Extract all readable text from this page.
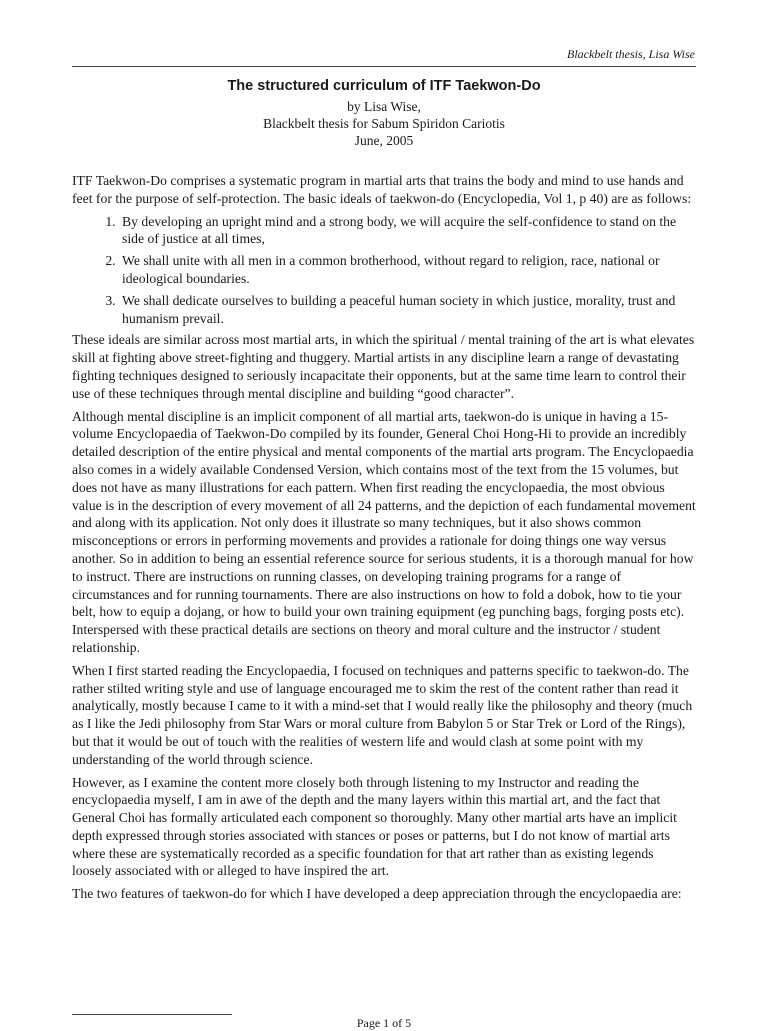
Blackbelt thesis, Lisa Wise
The structured curriculum of ITF Taekwon-Do
by Lisa Wise,
Blackbelt thesis for Sabum Spiridon Cariotis
June, 2005

ITF Taekwon-Do comprises a systematic program in martial arts that trains the body and mind to use hands and feet for the purpose of self-protection. The basic ideals of taekwon-do (Encyclopedia, Vol 1, p 40) are as follows:

1. By developing an upright mind and a strong body, we will acquire the self-confidence to stand on the side of justice at all times,
2. We shall unite with all men in a common brotherhood, without regard to religion, race, national or ideological boundaries.
3. We shall dedicate ourselves to building a peaceful human society in which justice, morality, trust and humanism prevail.

These ideals are similar across most martial arts, in which the spiritual / mental training of the art is what elevates skill at fighting above street-fighting and thuggery. Martial artists in any discipline learn a range of devastating fighting techniques designed to seriously incapacitate their opponents, but at the same time learn to control their use of these techniques through mental discipline and building “good character”.

Although mental discipline is an implicit component of all martial arts, taekwon-do is unique in having a 15-volume Encyclopaedia of Taekwon-Do compiled by its founder, General Choi Hong-Hi to provide an incredibly detailed description of the entire physical and mental components of the martial arts program. The Encyclopaedia also comes in a widely available Condensed Version, which contains most of the text from the 15 volumes, but does not have as many illustrations for each pattern. When first reading the encyclopaedia, the most obvious value is in the description of every movement of all 24 patterns, and the depiction of each fundamental movement and along with its application. Not only does it illustrate so many techniques, but it also shows common misconceptions or errors in performing movements and provides a rationale for doing things one way versus another. So in addition to being an essential reference source for serious students, it is a thorough manual for how to instruct. There are instructions on running classes, on developing training programs for a range of circumstances and for running tournaments. There are also instructions on how to fold a dobok, how to tie your belt, how to equip a dojang, or how to build your own training equipment (eg punching bags, forging posts etc). Interspersed with these practical details are sections on theory and moral culture and the instructor / student relationship.

When I first started reading the Encyclopaedia, I focused on techniques and patterns specific to taekwon-do. The rather stilted writing style and use of language encouraged me to skim the rest of the content rather than read it analytically, mostly because I came to it with a mind-set that I would really like the philosophy and theory (much as I like the Jedi philosophy from Star Wars or moral culture from Babylon 5 or Star Trek or Lord of the Rings), but that it would be out of touch with the realities of western life and would clash at some point with my understanding of the world through science.

However, as I examine the content more closely both through listening to my Instructor and reading the encyclopaedia myself, I am in awe of the depth and the many layers within this martial art, and the fact that General Choi has formally articulated each component so thoroughly. Many other martial arts have an implicit depth expressed through stories associated with stances or poses or patterns, but I do not know of martial arts where these are systematically recorded as a specific foundation for that art rather than as existing legends loosely associated with or alleged to have inspired the art.

The two features of taekwon-do for which I have developed a deep appreciation through the encyclopaedia are:

Page 1 of 5
